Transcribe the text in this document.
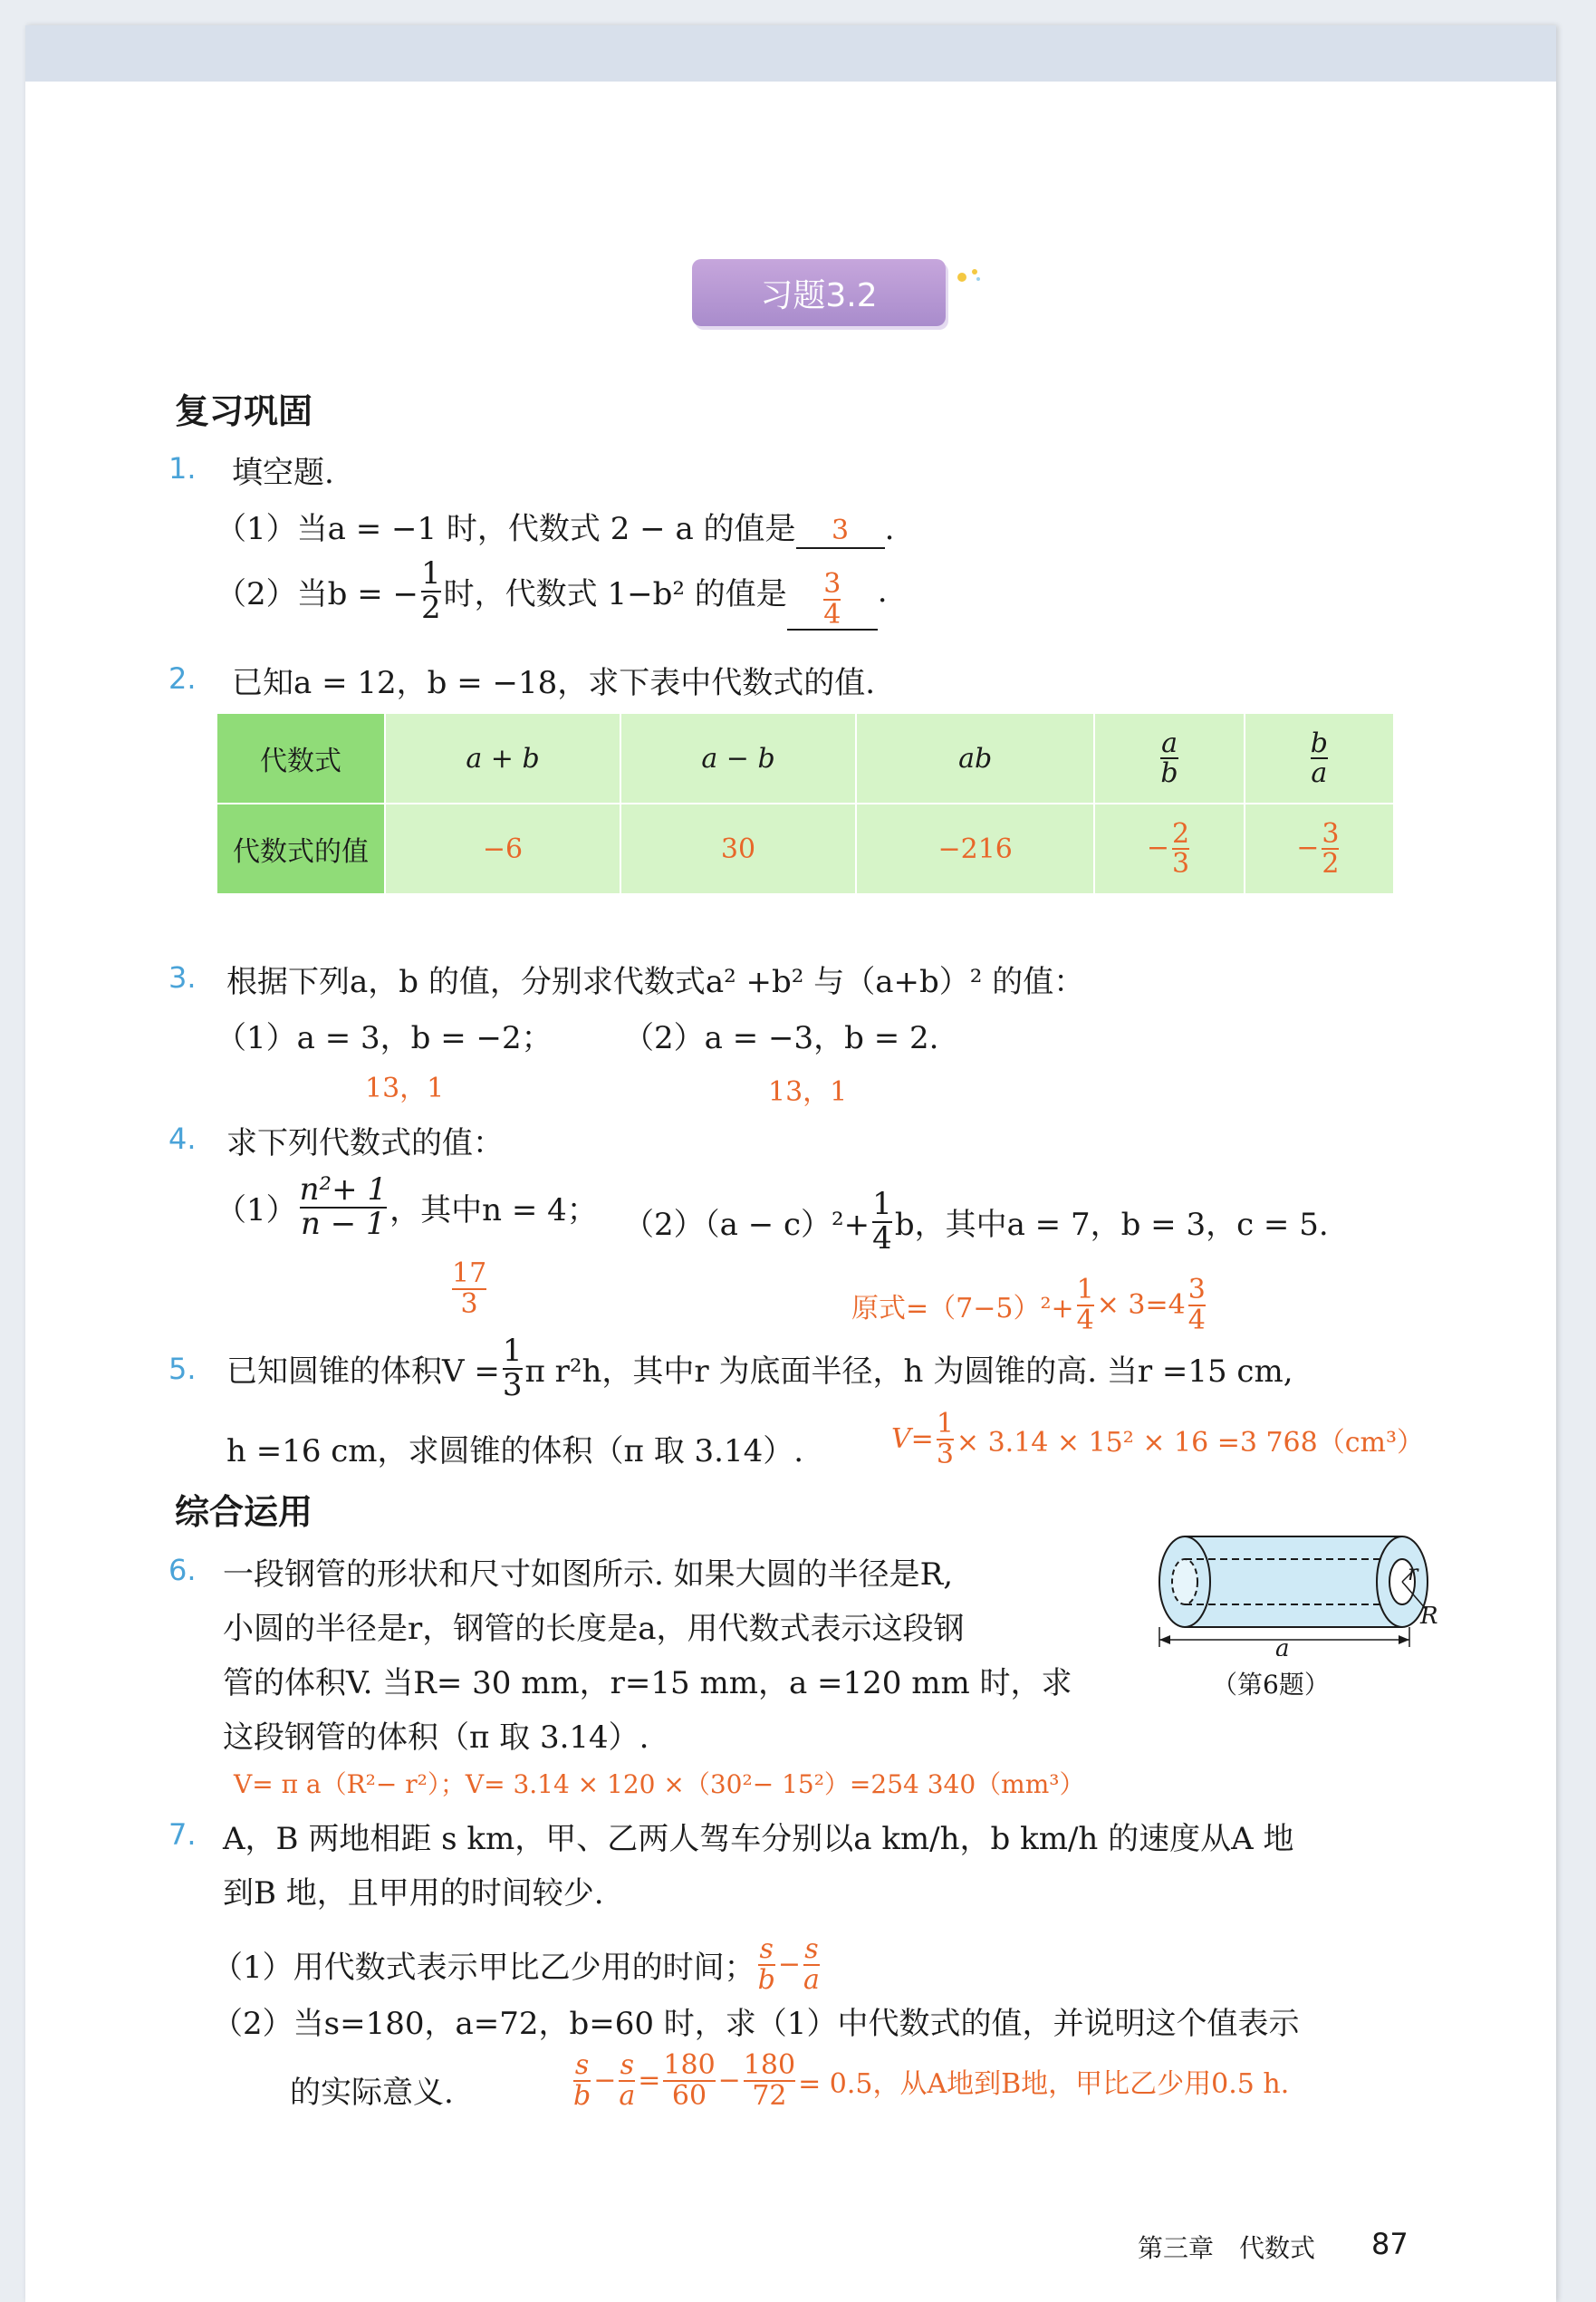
习题3.2
复习巩固
1. 填空题.
（1）当a = −1 时，代数式 2 − a 的值是 3 .
（2）当b = − $\frac{1}{2}$ 时，代数式 1−b² 的值是 $\frac{3}{4}$ .
2. 已知a = 12，b = −18，求下表中代数式的值.
代数式	a + b	a − b	ab	$\frac{a}{b}$	$\frac{b}{a}$

代数式的值	−6	30	−216	− $\frac{2}{3}$	− $\frac{3}{2}$
3. 根据下列a，b 的值，分别求代数式a² +b² 与（a+b）² 的值：
（1）a = 3，b = −2； （2）a = −3，b = 2.
13，1	13，1
4. 求下列代数式的值：
$(1) \frac{\text{n²+ 1}}{n - 1}$ ，其中n = 4； $(2)(a - c)^2+ \frac{1}{4}$ b，其中a = 7，b = 3，c = 5.
$\frac{17}{3}$	原式$=(7-5)^2+ \frac{1}{4} \times 3=4 \frac{3}{4}$
5. 已知圆锥的体积$V = \frac{1}{3}$ π r²h，其中r 为底面半径，h 为圆锥的高. 当r =15 cm,
h =16 cm，求圆锥的体积（π 取 3.14）.	$V= \frac{1}{3} \times 3.14 \times 15^2 \times 16 =3$ 768（cm³）
综合运用
6. 一段钢管的形状和尺寸如图所示. 如果大圆的半径是R,
小圆的半径是r，钢管的长度是a，用代数式表示这段钢
管的体积V. 当R= 30 mm，r=15 mm，a =120 mm 时，求
这段钢管的体积（π 取 3.14）.
V= π a（R²− r²）；V= 3.14 × 120 ×（30²− 15²）=254 340（mm³）
r
R
a
（第6题）
7. A，B 两地相距 s km，甲、乙两人驾车分别以a km/h，b km/h 的速度从A 地
到B 地，且甲用的时间较少.
（1）用代数式表示甲比乙少用的时间； $\frac{s}{b} - \frac{s}{a}$
（2）当s=180，a=72，b=60 时，求（1）中代数式的值，并说明这个值表示
的实际意义.	$\frac{s}{b} - \frac{s}{a} = \frac{180}{60} - \frac{180}{72} = 0.5$，从A地到B地，甲比乙少用0.5 h.
第三章　代数式 87
